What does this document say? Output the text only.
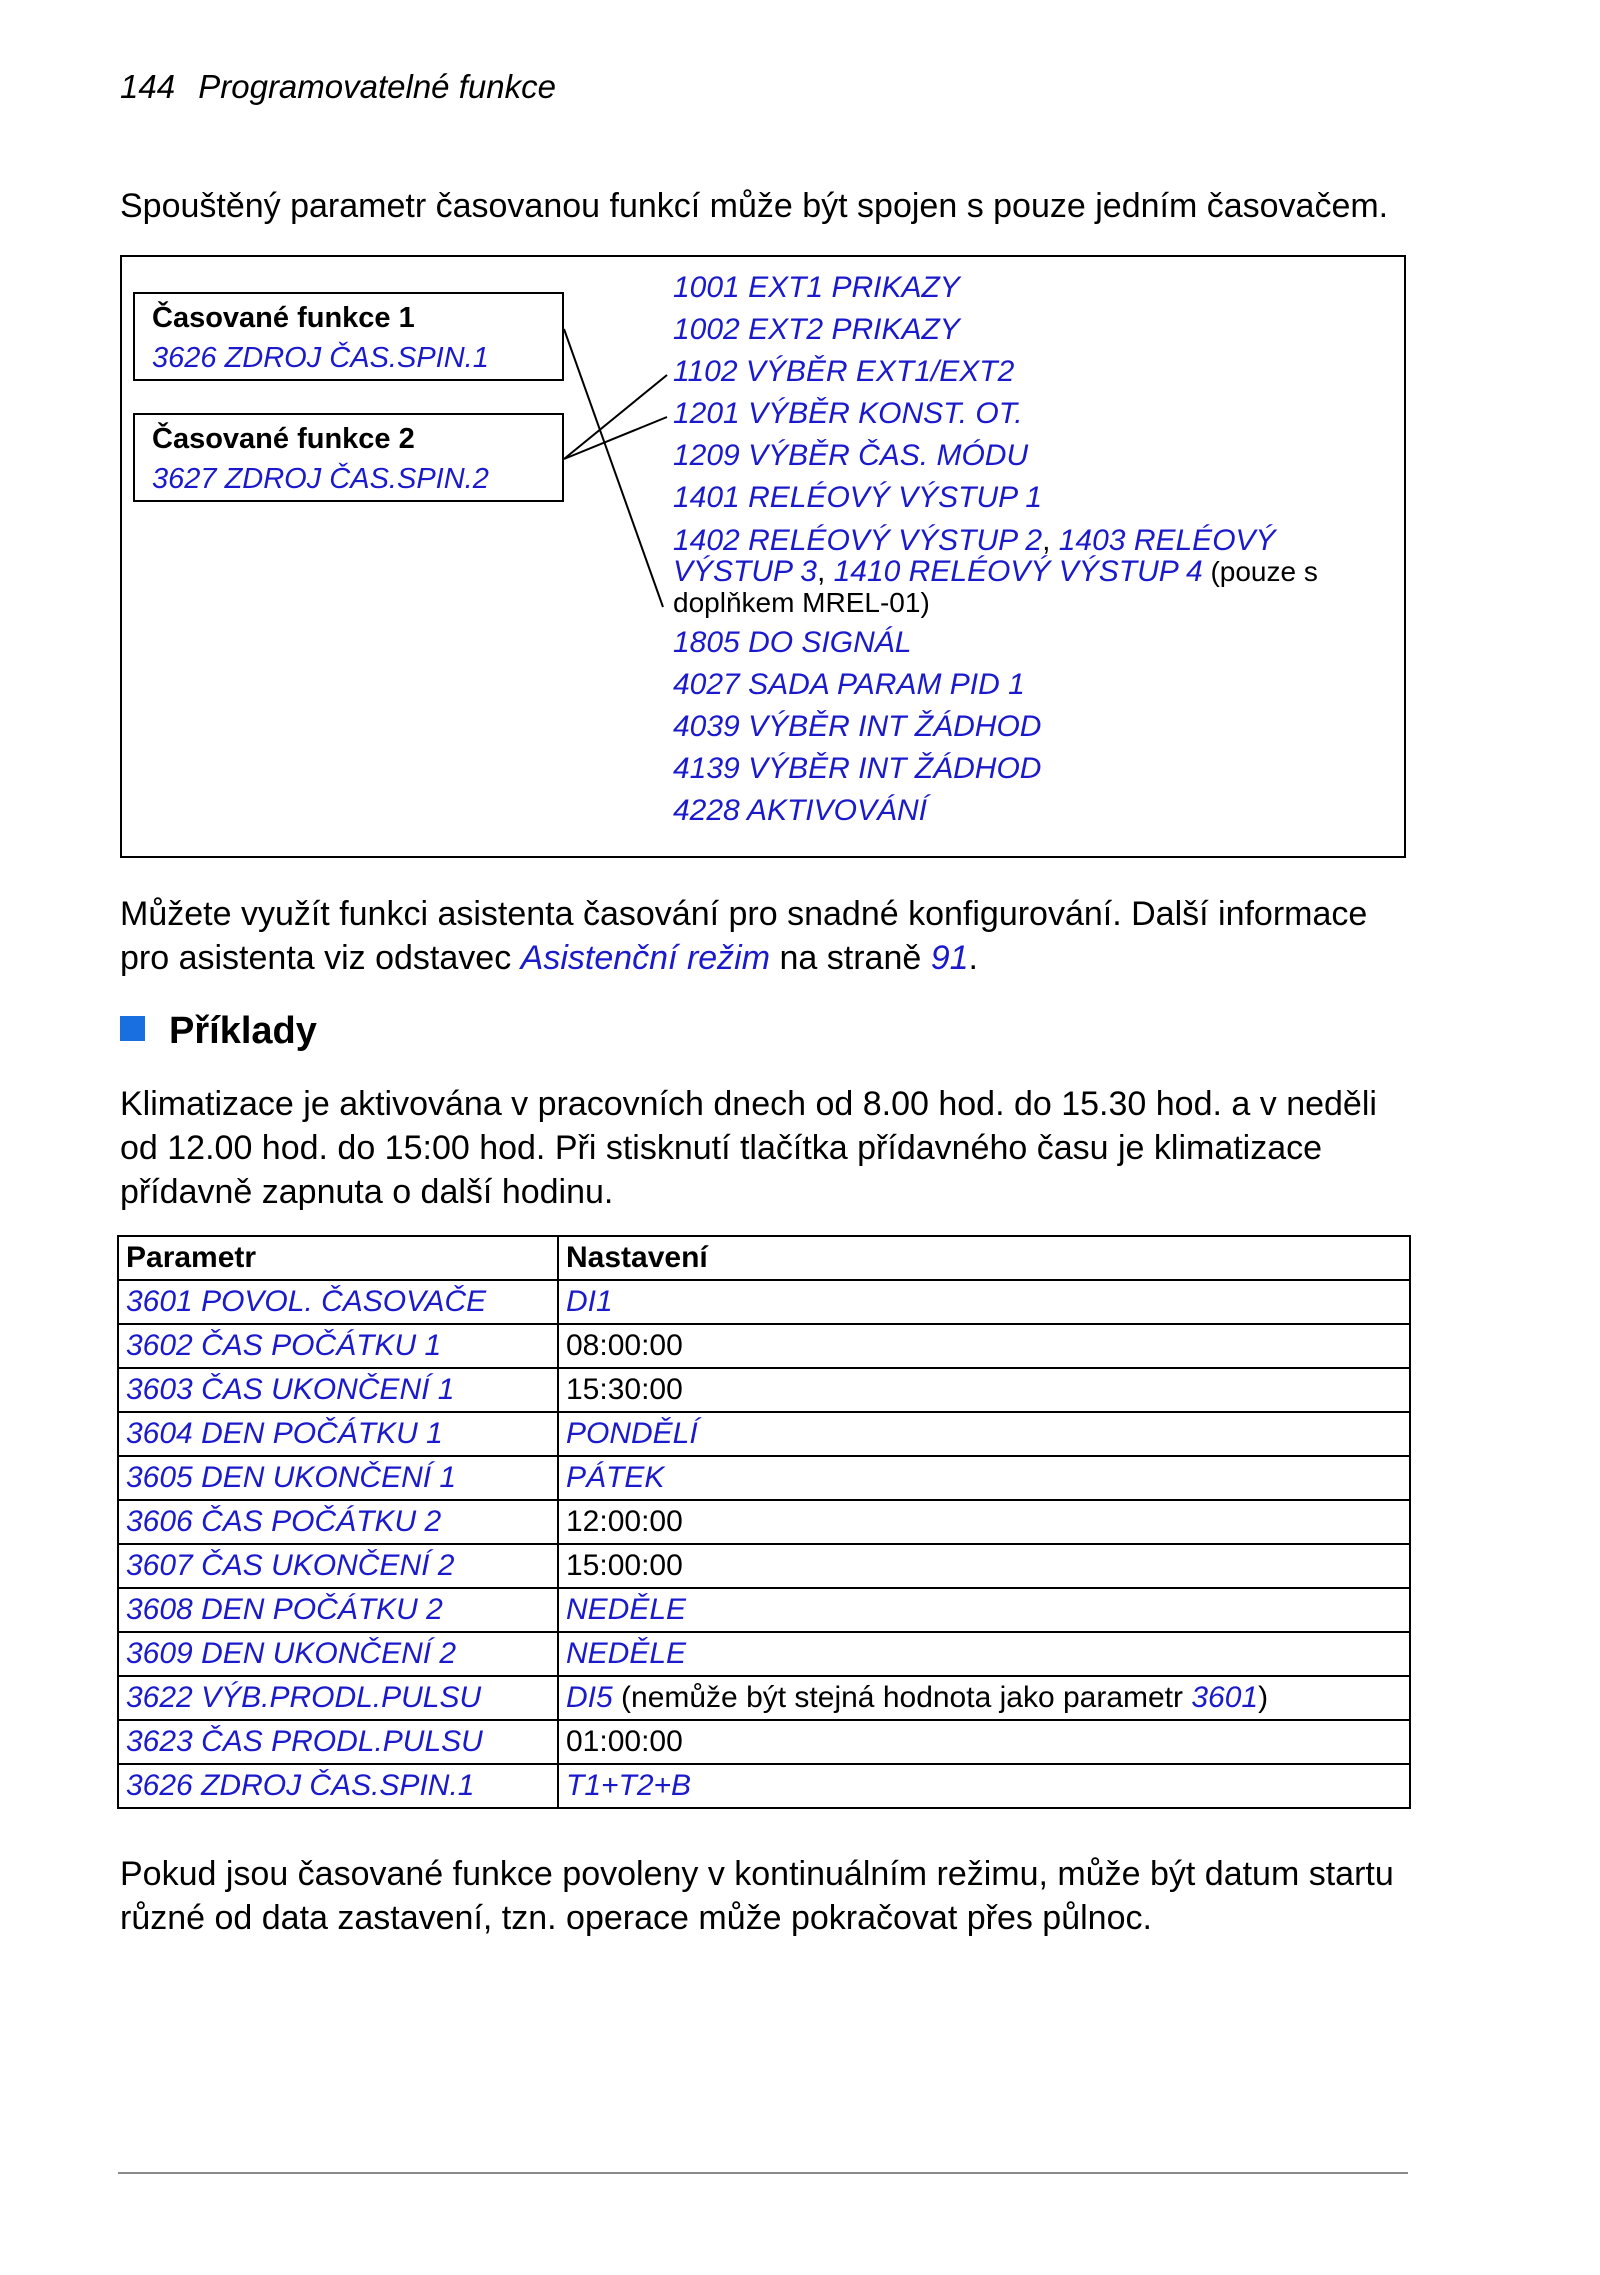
144 Programovatelné funkce
Spouštěný parametr časovanou funkcí může být spojen s pouze jedním časovačem.
Časované funkce 1
3626 ZDROJ ČAS.SPIN.1
Časované funkce 2
3627 ZDROJ ČAS.SPIN.2
1001 EXT1 PRIKAZY
1002 EXT2 PRIKAZY
1102 VÝBĚR EXT1/EXT2
1201 VÝBĚR KONST. OT.
1209 VÝBĚR ČAS. MÓDU
1401 RELÉOVÝ VÝSTUP 1
1402 RELÉOVÝ VÝSTUP 2, 1403 RELÉOVÝ VÝSTUP 3, 1410 RELÉOVÝ VÝSTUP 4 (pouze s doplňkem MREL-01)
1805 DO SIGNÁL
4027 SADA PARAM PID 1
4039 VÝBĚR INT ŽÁDHOD
4139 VÝBĚR INT ŽÁDHOD
4228 AKTIVOVÁNÍ
Můžete využít funkci asistenta časování pro snadné konfigurování. Další informace pro asistenta viz odstavec Asistenční režim na straně 91.
Příklady
Klimatizace je aktivována v pracovních dnech od 8.00 hod. do 15.30 hod. a v neděli od 12.00 hod. do 15:00 hod. Při stisknutí tlačítka přídavného času je klimatizace přídavně zapnuta o další hodinu.
Parametr	Nastavení
3601 POVOL. ČASOVAČE	DI1
3602 ČAS POČÁTKU 1	08:00:00
3603 ČAS UKONČENÍ 1	15:30:00
3604 DEN POČÁTKU 1	PONDĚLÍ
3605 DEN UKONČENÍ 1	PÁTEK
3606 ČAS POČÁTKU 2	12:00:00
3607 ČAS UKONČENÍ 2	15:00:00
3608 DEN POČÁTKU 2	NEDĚLE
3609 DEN UKONČENÍ 2	NEDĚLE
3622 VÝB.PRODL.PULSU	DI5 (nemůže být stejná hodnota jako parametr 3601)
3623 ČAS PRODL.PULSU	01:00:00
3626 ZDROJ ČAS.SPIN.1	T1+T2+B
Pokud jsou časované funkce povoleny v kontinuálním režimu, může být datum startu různé od data zastavení, tzn. operace může pokračovat přes půlnoc.
